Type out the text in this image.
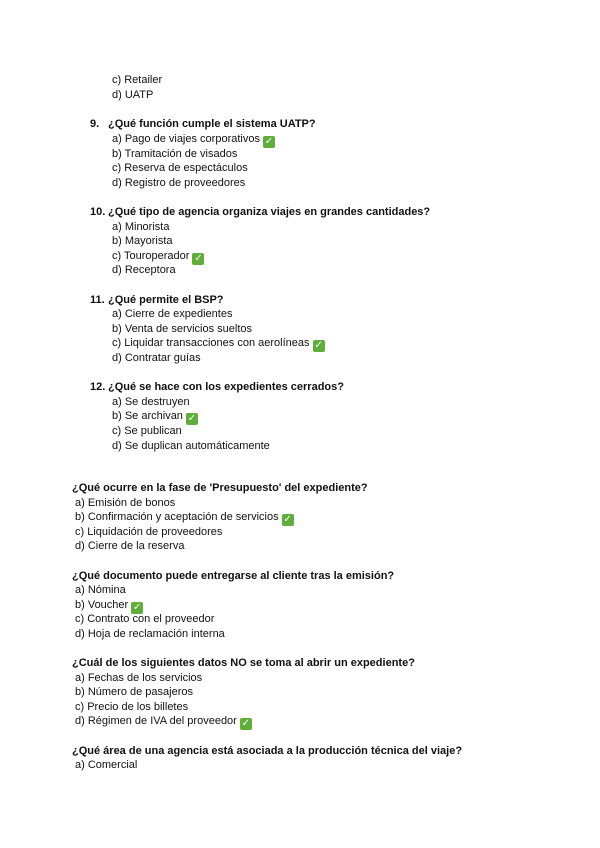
c) Retailer
d) UATP
9. ¿Qué función cumple el sistema UATP?
a) Pago de viajes corporativos ✓
b) Tramitación de visados
c) Reserva de espectáculos
d) Registro de proveedores
10. ¿Qué tipo de agencia organiza viajes en grandes cantidades?
a) Minorista
b) Mayorista
c) Touroperador ✓
d) Receptora
11. ¿Qué permite el BSP?
a) Cierre de expedientes
b) Venta de servicios sueltos
c) Liquidar transacciones con aerolíneas ✓
d) Contratar guías
12. ¿Qué se hace con los expedientes cerrados?
a) Se destruyen
b) Se archivan ✓
c) Se publican
d) Se duplican automáticamente
¿Qué ocurre en la fase de 'Presupuesto' del expediente?
a) Emisión de bonos
b) Confirmación y aceptación de servicios ✓
c) Liquidación de proveedores
d) Cierre de la reserva
¿Qué documento puede entregarse al cliente tras la emisión?
a) Nómina
b) Voucher ✓
c) Contrato con el proveedor
d) Hoja de reclamación interna
¿Cuál de los siguientes datos NO se toma al abrir un expediente?
a) Fechas de los servicios
b) Número de pasajeros
c) Precio de los billetes
d) Régimen de IVA del proveedor ✓
¿Qué área de una agencia está asociada a la producción técnica del viaje?
a) Comercial
